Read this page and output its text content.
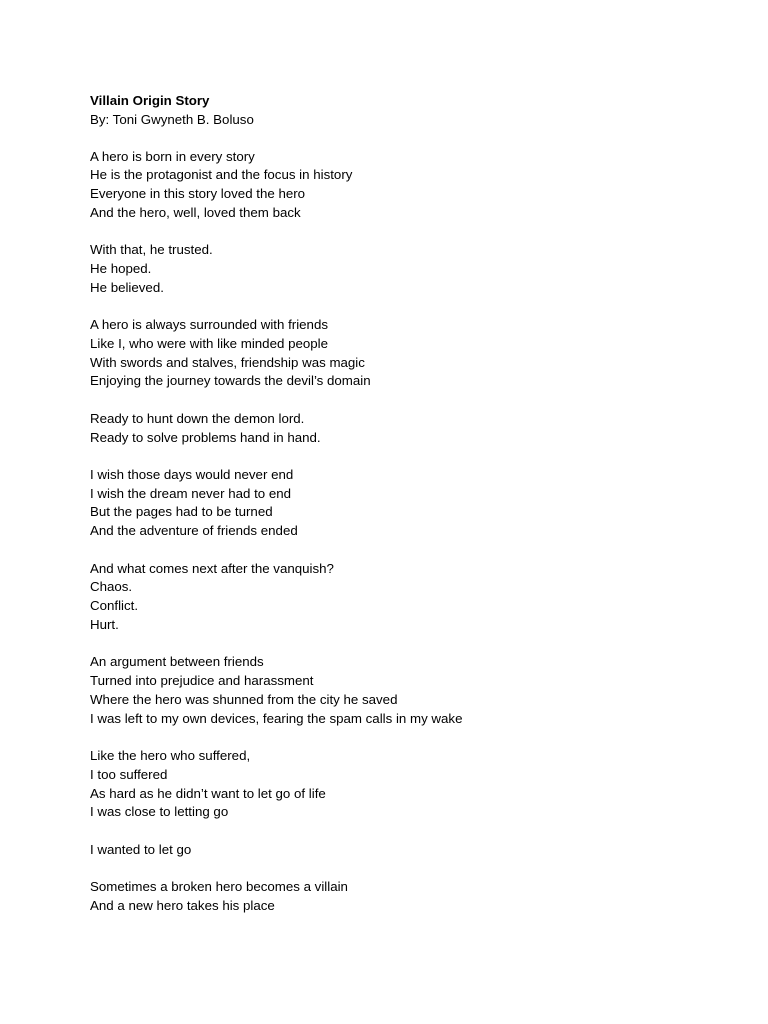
Villain Origin Story
By: Toni Gwyneth B. Boluso
A hero is born in every story
He is the protagonist and the focus in history
Everyone in this story loved the hero
And the hero, well, loved them back
With that, he trusted.
He hoped.
He believed.
A hero is always surrounded with friends
Like I, who were with like minded people
With swords and stalves, friendship was magic
Enjoying the journey towards the devil’s domain
Ready to hunt down the demon lord.
Ready to solve problems hand in hand.
I wish those days would never end
I wish the dream never had to end
But the pages had to be turned
And the adventure of friends ended
And what comes next after the vanquish?
Chaos.
Conflict.
Hurt.
An argument between friends
Turned into prejudice and harassment
Where the hero was shunned from the city he saved
I was left to my own devices, fearing the spam calls in my wake
Like the hero who suffered,
I too suffered
As hard as he didn’t want to let go of life
I was close to letting go
I wanted to let go
Sometimes a broken hero becomes a villain
And a new hero takes his place
